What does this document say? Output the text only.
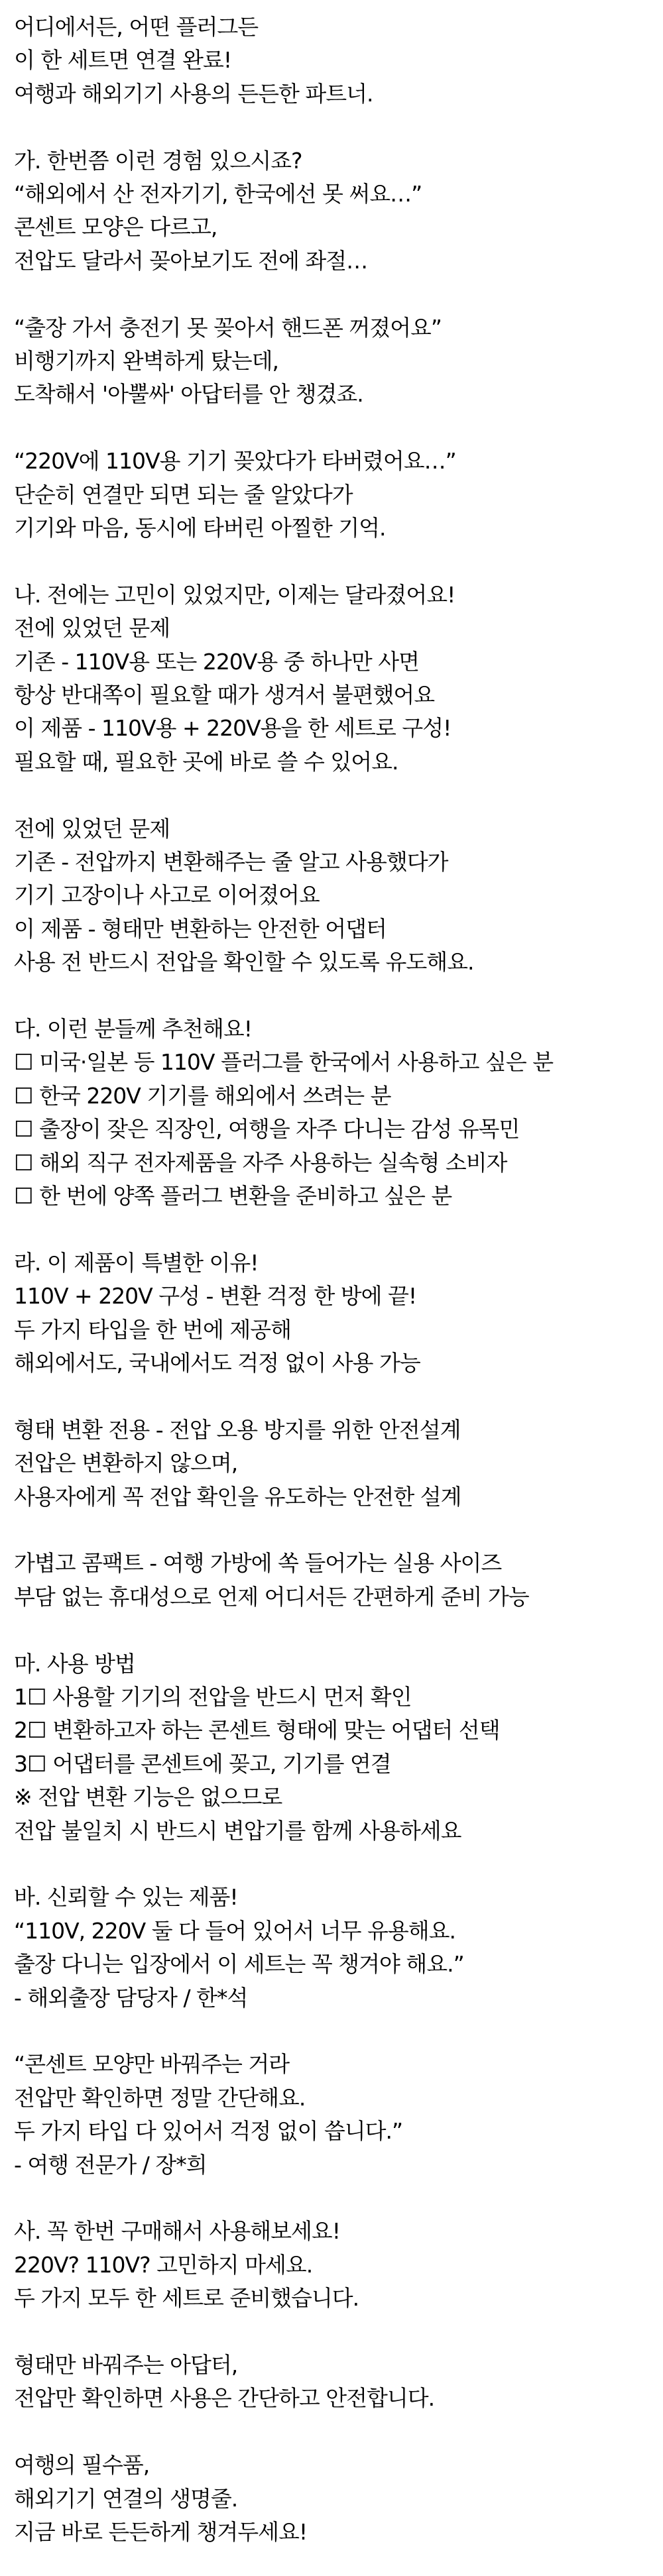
어디에서든, 어떤 플러그든
이 한 세트면 연결 완료!
여행과 해외기기 사용의 든든한 파트너.
가. 한번쯤 이런 경험 있으시죠?
“해외에서 산 전자기기, 한국에선 못 써요…”
콘센트 모양은 다르고,
전압도 달라서 꽂아보기도 전에 좌절…
“출장 가서 충전기 못 꽂아서 핸드폰 꺼졌어요”
비행기까지 완벽하게 탔는데,
도착해서 '아뿔싸' 아답터를 안 챙겼죠.
“220V에 110V용 기기 꽂았다가 타버렸어요…”
단순히 연결만 되면 되는 줄 알았다가
기기와 마음, 동시에 타버린 아찔한 기억.
나. 전에는 고민이 있었지만, 이제는 달라졌어요!
전에 있었던 문제
기존 - 110V용 또는 220V용 중 하나만 사면
항상 반대쪽이 필요할 때가 생겨서 불편했어요
이 제품 - 110V용 + 220V용을 한 세트로 구성!
필요할 때, 필요한 곳에 바로 쓸 수 있어요.
전에 있었던 문제
기존 - 전압까지 변환해주는 줄 알고 사용했다가
기기 고장이나 사고로 이어졌어요
이 제품 - 형태만 변환하는 안전한 어댑터
사용 전 반드시 전압을 확인할 수 있도록 유도해요.
다. 이런 분들께 추천해요!
☐ 미국·일본 등 110V 플러그를 한국에서 사용하고 싶은 분
☐ 한국 220V 기기를 해외에서 쓰려는 분
☐ 출장이 잦은 직장인, 여행을 자주 다니는 감성 유목민
☐ 해외 직구 전자제품을 자주 사용하는 실속형 소비자
☐ 한 번에 양쪽 플러그 변환을 준비하고 싶은 분
라. 이 제품이 특별한 이유!
110V + 220V 구성 - 변환 걱정 한 방에 끝!
두 가지 타입을 한 번에 제공해
해외에서도, 국내에서도 걱정 없이 사용 가능
형태 변환 전용 - 전압 오용 방지를 위한 안전설계
전압은 변환하지 않으며,
사용자에게 꼭 전압 확인을 유도하는 안전한 설계
가볍고 콤팩트 - 여행 가방에 쏙 들어가는 실용 사이즈
부담 없는 휴대성으로 언제 어디서든 간편하게 준비 가능
마. 사용 방법
1☐ 사용할 기기의 전압을 반드시 먼저 확인
2☐ 변환하고자 하는 콘센트 형태에 맞는 어댑터 선택
3☐ 어댑터를 콘센트에 꽂고, 기기를 연결
※ 전압 변환 기능은 없으므로
전압 불일치 시 반드시 변압기를 함께 사용하세요
바. 신뢰할 수 있는 제품!
“110V, 220V 둘 다 들어 있어서 너무 유용해요.
출장 다니는 입장에서 이 세트는 꼭 챙겨야 해요.”
- 해외출장 담당자 / 한*석
“콘센트 모양만 바꿔주는 거라
전압만 확인하면 정말 간단해요.
두 가지 타입 다 있어서 걱정 없이 씁니다.”
- 여행 전문가 / 장*희
사. 꼭 한번 구매해서 사용해보세요!
220V? 110V? 고민하지 마세요.
두 가지 모두 한 세트로 준비했습니다.
형태만 바꿔주는 아답터,
전압만 확인하면 사용은 간단하고 안전합니다.
여행의 필수품,
해외기기 연결의 생명줄.
지금 바로 든든하게 챙겨두세요!
